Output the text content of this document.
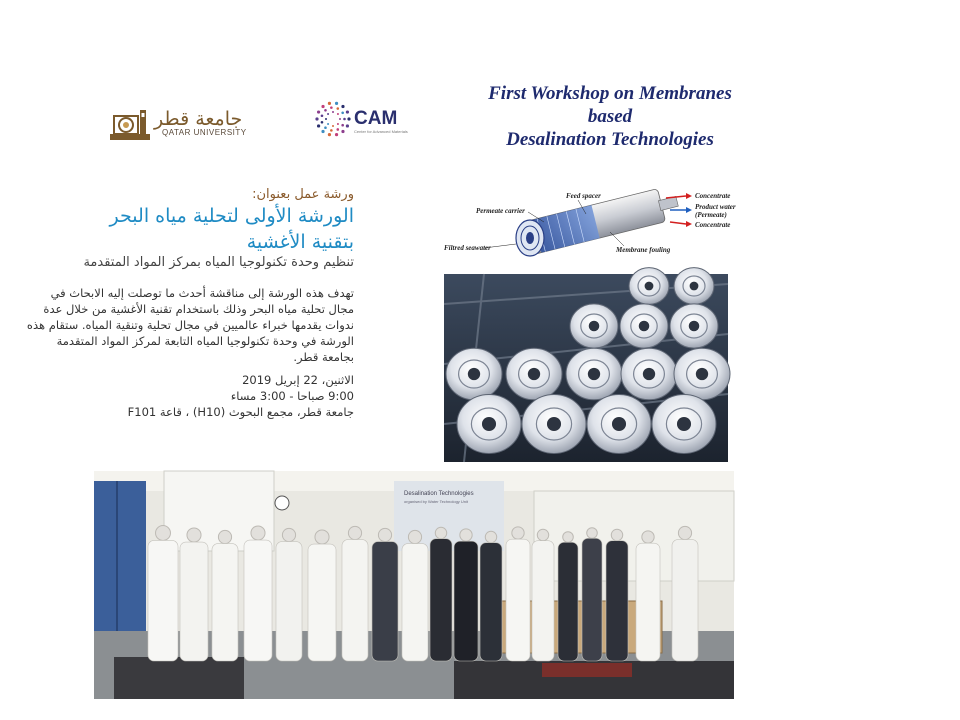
جامعة قطر
QATAR UNIVERSITY
CAM
Center for Advanced Materials
First Workshop on Membranes
based
Desalination Technologies
ورشة عمل بعنوان:
الورشة الأولى لتحلية مياه البحر
بتقنية الأغشية
تنظيم وحدة تكنولوجيا المياه بمركز المواد المتقدمة
تهدف هذه الورشة إلى مناقشة أحدث ما توصلت إليه الابحاث في مجال تحلية مياه البحر وذلك باستخدام تقنية الأغشية من خلال عدة ندوات يقدمها خبراء عالميين في مجال تحلية وتنقية المياه. ستقام هذه الورشة في وحدة تكنولوجيا المياه التابعة لمركز المواد المتقدمة بجامعة قطر.
الاثنين، 22 إبريل 2019
9:00 صباحا - 3:00 مساء
جامعة قطر، مجمع البحوث (H10) ، قاعة F101
Feed spacer
Permeate carrier
Filtred seawater	Membrane fouling
Concentrate
Product water
(Permeate)
Concentrate
Desalination Technologies
organised by Water Technology Unit
